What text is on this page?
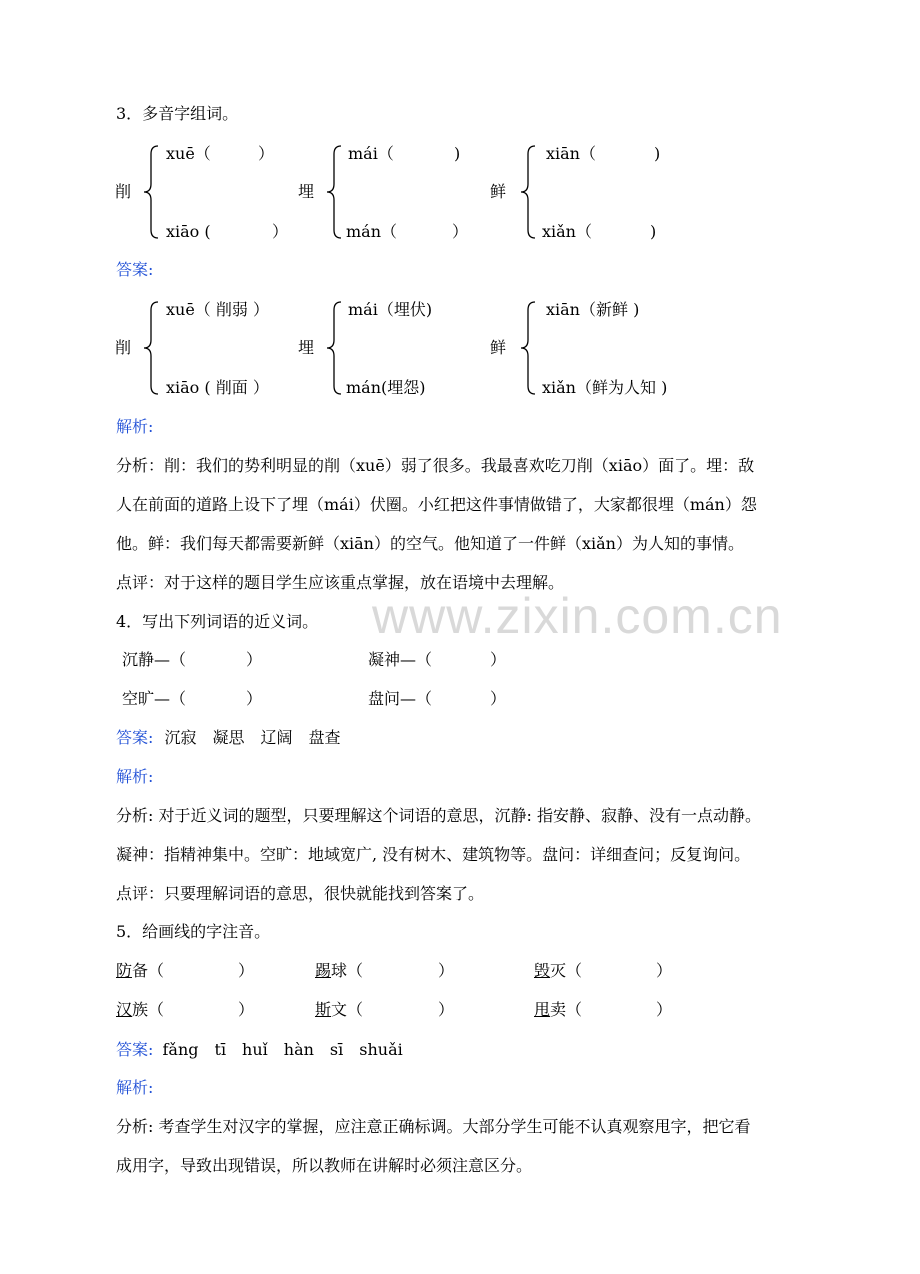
www.zixin.com.cn
3．多音字组词。
削
xuē（	）
xiāo (	）
埋
mái（	)
mán（	）
鲜
xiān（	)
xiǎn（	)
答案:
削
xuē（ 削弱 ）
xiāo ( 削面 ）
埋
mái（埋伏)
mán(埋怨)
鲜
xiān（新鲜 )
xiǎn（鲜为人知 )
解析:
分析：削：我们的势利明显的削（xuē）弱了很多。我最喜欢吃刀削（xiāo）面了。埋：敌
人在前面的道路上设下了埋（mái）伏圈。小红把这件事情做错了，大家都很埋（mán）怨
他。鲜：我们每天都需要新鲜（xiān）的空气。他知道了一件鲜（xiǎn）为人知的事情。
点评：对于这样的题目学生应该重点掌握，放在语境中去理解。
4．写出下列词语的近义词。
沉静—（	）	凝神—（	）
空旷—（	）	盘问—（	）
答案: 沉寂　凝思　辽阔　盘查
解析:
分析: 对于近义词的题型，只要理解这个词语的意思，沉静: 指安静、寂静、没有一点动静。
凝神：指精神集中。空旷：地域宽广, 没有树木、建筑物等。盘问：详细查问；反复询问。
点评：只要理解词语的意思，很快就能找到答案了。
5．给画线的字注音。
防备（	）	踢球（	）	毁灭（	）
汉族（	）	斯文（	）	甩卖（	）
答案: fǎng　tī　huǐ　hàn　sī　shuǎi
解析:
分析: 考查学生对汉字的掌握，应注意正确标调。大部分学生可能不认真观察甩字，把它看
成用字，导致出现错误，所以教师在讲解时必须注意区分。
